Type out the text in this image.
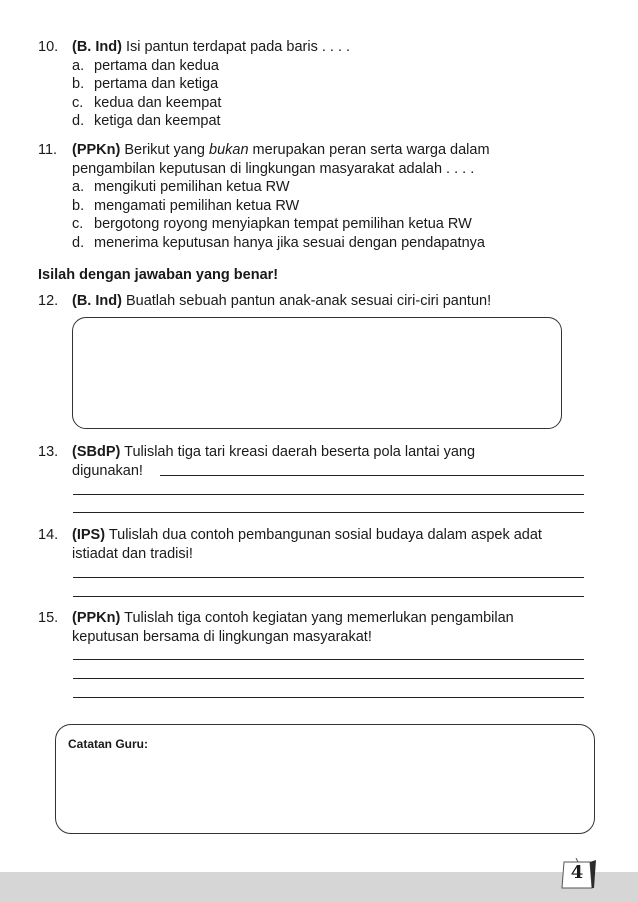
10. (B. Ind) Isi pantun terdapat pada baris . . . .
a. pertama dan kedua
b. pertama dan ketiga
c. kedua dan keempat
d. ketiga dan keempat
11. (PPKn) Berikut yang bukan merupakan peran serta warga dalam
pengambilan keputusan di lingkungan masyarakat adalah . . . .
a. mengikuti pemilihan ketua RW
b. mengamati pemilihan ketua RW
c. bergotong royong menyiapkan tempat pemilihan ketua RW
d. menerima keputusan hanya jika sesuai dengan pendapatnya
Isilah dengan jawaban yang benar!
12. (B. Ind) Buatlah sebuah pantun anak-anak sesuai ciri-ciri pantun!
13. (SBdP) Tulislah tiga tari kreasi daerah beserta pola lantai yang
digunakan!
14. (IPS) Tulislah dua contoh pembangunan sosial budaya dalam aspek adat
istiadat dan tradisi!
15. (PPKn) Tulislah tiga contoh kegiatan yang memerlukan pengambilan
keputusan bersama di lingkungan masyarakat!
Catatan Guru:
4
